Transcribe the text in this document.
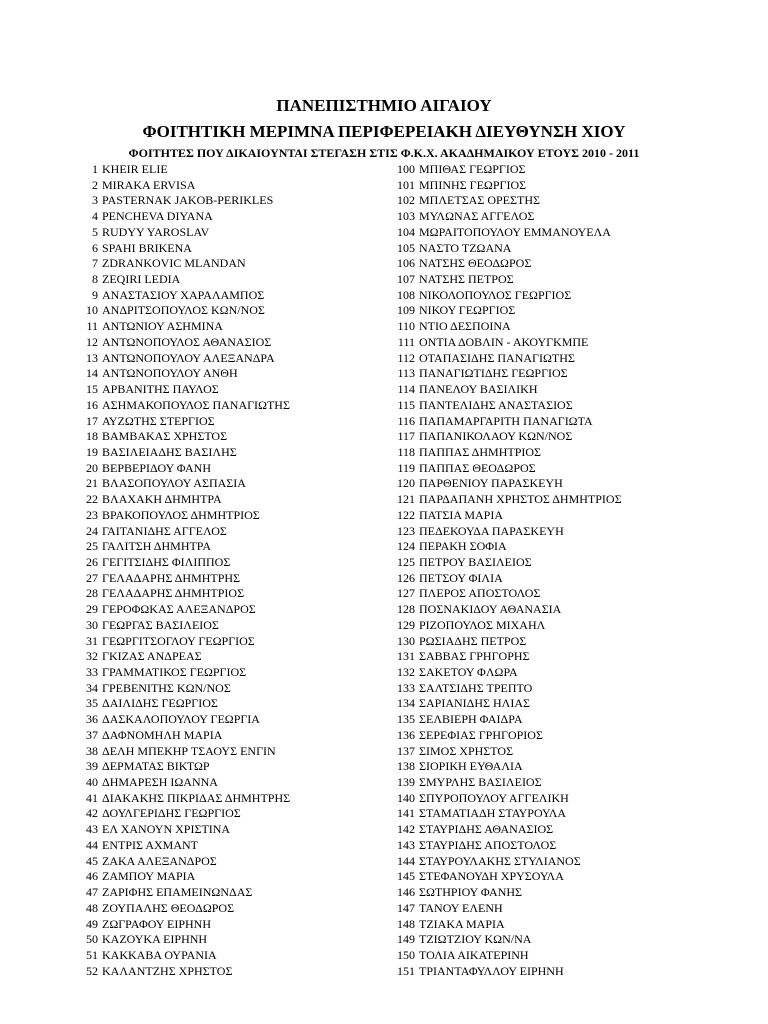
ΠΑΝΕΠΙΣΤΗΜΙΟ ΑΙΓΑΙΟΥ
ΦΟΙΤΗΤΙΚΗ ΜΕΡΙΜΝΑ ΠΕΡΙΦΕΡΕΙΑΚΗ ΔΙΕΥΘΥΝΣΗ ΧΙΟΥ
ΦΟΙΤΗΤΕΣ ΠΟΥ ΔΙΚΑΙΟΥΝΤΑΙ ΣΤΕΓΑΣΗ ΣΤΙΣ Φ.Κ.Χ. ΑΚΑΔΗΜΑΙΚΟΥ ΕΤΟΥΣ 2010 - 2011
1 KHEIR ELIE
2 MIRAKA ERVISA
3 PASTERNAK JAKOB-PERIKLES
4 PENCHEVA DIYANA
5 RUDYY YAROSLAV
6 SPAHI BRIKENA
7 ZDRANKOVIC MLANDAN
8 ZEQIRI LEDIA
9 ΑΝΑΣΤΑΣΙΟΥ ΧΑΡΑΛΑΜΠΟΣ
10 ΑΝΔΡΙΤΣΟΠΟΥΛΟΣ ΚΩΝ/ΝΟΣ
11 ΑΝΤΩΝΙΟΥ ΑΣΗΜΙΝΑ
12 ΑΝΤΩΝΟΠΟΥΛΟΣ ΑΘΑΝΑΣΙΟΣ
13 ΑΝΤΩΝΟΠΟΥΛΟΥ ΑΛΕΞΑΝΔΡΑ
14 ΑΝΤΩΝΟΠΟΥΛΟΥ ΑΝΘΗ
15 ΑΡΒΑΝΙΤΗΣ ΠΑΥΛΟΣ
16 ΑΣΗΜΑΚΟΠΟΥΛΟΣ ΠΑΝΑΓΙΩΤΗΣ
17 ΑΥΖΩΤΗΣ ΣΤΕΡΓΙΟΣ
18 ΒΑΜΒΑΚΑΣ ΧΡΗΣΤΟΣ
19 ΒΑΣΙΛΕΙΑΔΗΣ ΒΑΣΙΛΗΣ
20 ΒΕΡΒΕΡΙΔΟΥ ΦΑΝΗ
21 ΒΛΑΣΟΠΟΥΛΟΥ ΑΣΠΑΣΙΑ
22 ΒΛΑΧΑΚΗ ΔΗΜΗΤΡΑ
23 ΒΡΑΚΟΠΟΥΛΟΣ ΔΗΜΗΤΡΙΟΣ
24 ΓΑΙΤΑΝΙΔΗΣ ΑΓΓΕΛΟΣ
25 ΓΑΛΙΤΣΗ ΔΗΜΗΤΡΑ
26 ΓΕΓΙΤΣΙΔΗΣ ΦΙΛΙΠΠΟΣ
27 ΓΕΛΑΔΑΡΗΣ ΔΗΜΗΤΡΗΣ
28 ΓΕΛΑΔΑΡΗΣ ΔΗΜΗΤΡΙΟΣ
29 ΓΕΡΟΦΩΚΑΣ ΑΛΕΞΑΝΔΡΟΣ
30 ΓΕΩΡΓΑΣ ΒΑΣΙΛΕΙΟΣ
31 ΓΕΩΡΓΙΤΣΟΓΛΟΥ ΓΕΩΡΓΙΟΣ
32 ΓΚΙΖΑΣ ΑΝΔΡΕΑΣ
33 ΓΡΑΜΜΑΤΙΚΟΣ ΓΕΩΡΓΙΟΣ
34 ΓΡΕΒΕΝΙΤΗΣ ΚΩΝ/ΝΟΣ
35 ΔΑΙΛΙΔΗΣ ΓΕΩΡΓΙΟΣ
36 ΔΑΣΚΑΛΟΠΟΥΛΟΥ ΓΕΩΡΓΙΑ
37 ΔΑΦΝΟΜΗΛΗ ΜΑΡΙΑ
38 ΔΕΛΗ ΜΠΕΚΗΡ ΤΣΑΟΥΣ ΕΝΓΙΝ
39 ΔΕΡΜΑΤΑΣ ΒΙΚΤΩΡ
40 ΔΗΜΑΡΕΣΗ ΙΩΑΝΝΑ
41 ΔΙΑΚΑΚΗΣ ΠΙΚΡΙΔΑΣ ΔΗΜΗΤΡΗΣ
42 ΔΟΥΛΓΕΡΙΔΗΣ ΓΕΩΡΓΙΟΣ
43 ΕΛ ΧΑΝΟΥΝ ΧΡΙΣΤΙΝΑ
44 ΕΝΤΡΙΣ ΑΧΜΑΝΤ
45 ΖΑΚΑ ΑΛΕΞΑΝΔΡΟΣ
46 ΖΑΜΠΟΥ ΜΑΡΙΑ
47 ΖΑΡΙΦΗΣ ΕΠΑΜΕΙΝΩΝΔΑΣ
48 ΖΟΥΠΑΛΗΣ ΘΕΟΔΩΡΟΣ
49 ΖΩΓΡΑΦΟΥ ΕΙΡΗΝΗ
50 ΚΑΖΟΥΚΑ ΕΙΡΗΝΗ
51 ΚΑΚΚΑΒΑ ΟΥΡΑΝΙΑ
52 ΚΑΛΑΝΤΖΗΣ ΧΡΗΣΤΟΣ
100 ΜΠΙΘΑΣ ΓΕΩΡΓΙΟΣ
101 ΜΠΙΝΗΣ ΓΕΩΡΓΙΟΣ
102 ΜΠΛΕΤΣΑΣ ΟΡΕΣΤΗΣ
103 ΜΥΛΩΝΑΣ ΑΓΓΕΛΟΣ
104 ΜΩΡΑΙΤΟΠΟΥΛΟΥ ΕΜΜΑΝΟΥΕΛΑ
105 ΝΑΣΤΟ ΤΖΩΑΝΑ
106 ΝΑΤΣΗΣ ΘΕΟΔΩΡΟΣ
107 ΝΑΤΣΗΣ ΠΕΤΡΟΣ
108 ΝΙΚΟΛΟΠΟΥΛΟΣ ΓΕΩΡΓΙΟΣ
109 ΝΙΚΟΥ ΓΕΩΡΓΙΟΣ
110 ΝΤΙΟ ΔΕΣΠΟΙΝΑ
111 ΟΝΤΙΑ ΔΟΒΛΙΝ - ΑΚΟΥΓΚΜΠΕ
112 ΟΤΑΠΑΣΙΔΗΣ ΠΑΝΑΓΙΩΤΗΣ
113 ΠΑΝΑΓΙΩΤΙΔΗΣ ΓΕΩΡΓΙΟΣ
114 ΠΑΝΕΛΟΥ ΒΑΣΙΛΙΚΗ
115 ΠΑΝΤΕΛΙΔΗΣ ΑΝΑΣΤΑΣΙΟΣ
116 ΠΑΠΑΜΑΡΓΑΡΙΤΗ ΠΑΝΑΓΙΩΤΑ
117 ΠΑΠΑΝΙΚΟΛΑΟΥ ΚΩΝ/ΝΟΣ
118 ΠΑΠΠΑΣ ΔΗΜΗΤΡΙΟΣ
119 ΠΑΠΠΑΣ ΘΕΟΔΩΡΟΣ
120 ΠΑΡΘΕΝΙΟΥ ΠΑΡΑΣΚΕΥΗ
121 ΠΑΡΔΑΠΑΝΗ ΧΡΗΣΤΟΣ ΔΗΜΗΤΡΙΟΣ
122 ΠΑΤΣΙΑ ΜΑΡΙΑ
123 ΠΕΔΕΚΟΥΔΑ ΠΑΡΑΣΚΕΥΗ
124 ΠΕΡΑΚΗ ΣΟΦΙΑ
125 ΠΕΤΡΟΥ ΒΑΣΙΛΕΙΟΣ
126 ΠΕΤΣΟΥ ΦΙΛΙΑ
127 ΠΛΕΡΟΣ ΑΠΟΣΤΟΛΟΣ
128 ΠΟΣΝΑΚΙΔΟΥ ΑΘΑΝΑΣΙΑ
129 ΡΙΖΟΠΟΥΛΟΣ ΜΙΧΑΗΛ
130 ΡΩΣΙΑΔΗΣ ΠΕΤΡΟΣ
131 ΣΑΒΒΑΣ ΓΡΗΓΟΡΗΣ
132 ΣΑΚΕΤΟΥ ΦΛΩΡΑ
133 ΣΑΛΤΣΙΔΗΣ ΤΡΕΠΤΟ
134 ΣΑΡΙΑΝΙΔΗΣ ΗΛΙΑΣ
135 ΣΕΛΒΙΕΡΗ ΦΑΙΔΡΑ
136 ΣΕΡΕΦΙΑΣ ΓΡΗΓΟΡΙΟΣ
137 ΣΙΜΟΣ ΧΡΗΣΤΟΣ
138 ΣΙΟΡΙΚΗ ΕΥΘΑΛΙΑ
139 ΣΜΥΡΛΗΣ ΒΑΣΙΛΕΙΟΣ
140 ΣΠΥΡΟΠΟΥΛΟΥ ΑΓΓΕΛΙΚΗ
141 ΣΤΑΜΑΤΙΑΔΗ ΣΤΑΥΡΟΥΛΑ
142 ΣΤΑΥΡΙΔΗΣ ΑΘΑΝΑΣΙΟΣ
143 ΣΤΑΥΡΙΔΗΣ ΑΠΟΣΤΟΛΟΣ
144 ΣΤΑΥΡΟΥΛΑΚΗΣ ΣΤΥΛΙΑΝΟΣ
145 ΣΤΕΦΑΝΟΥΔΗ ΧΡΥΣΟΥΛΑ
146 ΣΩΤΗΡΙΟΥ ΦΑΝΗΣ
147 ΤΑΝΟΥ ΕΛΕΝΗ
148 ΤΖΙΑΚΑ ΜΑΡΙΑ
149 ΤΖΙΩΤΖΙΟΥ ΚΩΝ/ΝΑ
150 ΤΟΛΙΑ ΑΙΚΑΤΕΡΙΝΗ
151 ΤΡΙΑΝΤΑΦΥΛΛΟΥ ΕΙΡΗΝΗ
